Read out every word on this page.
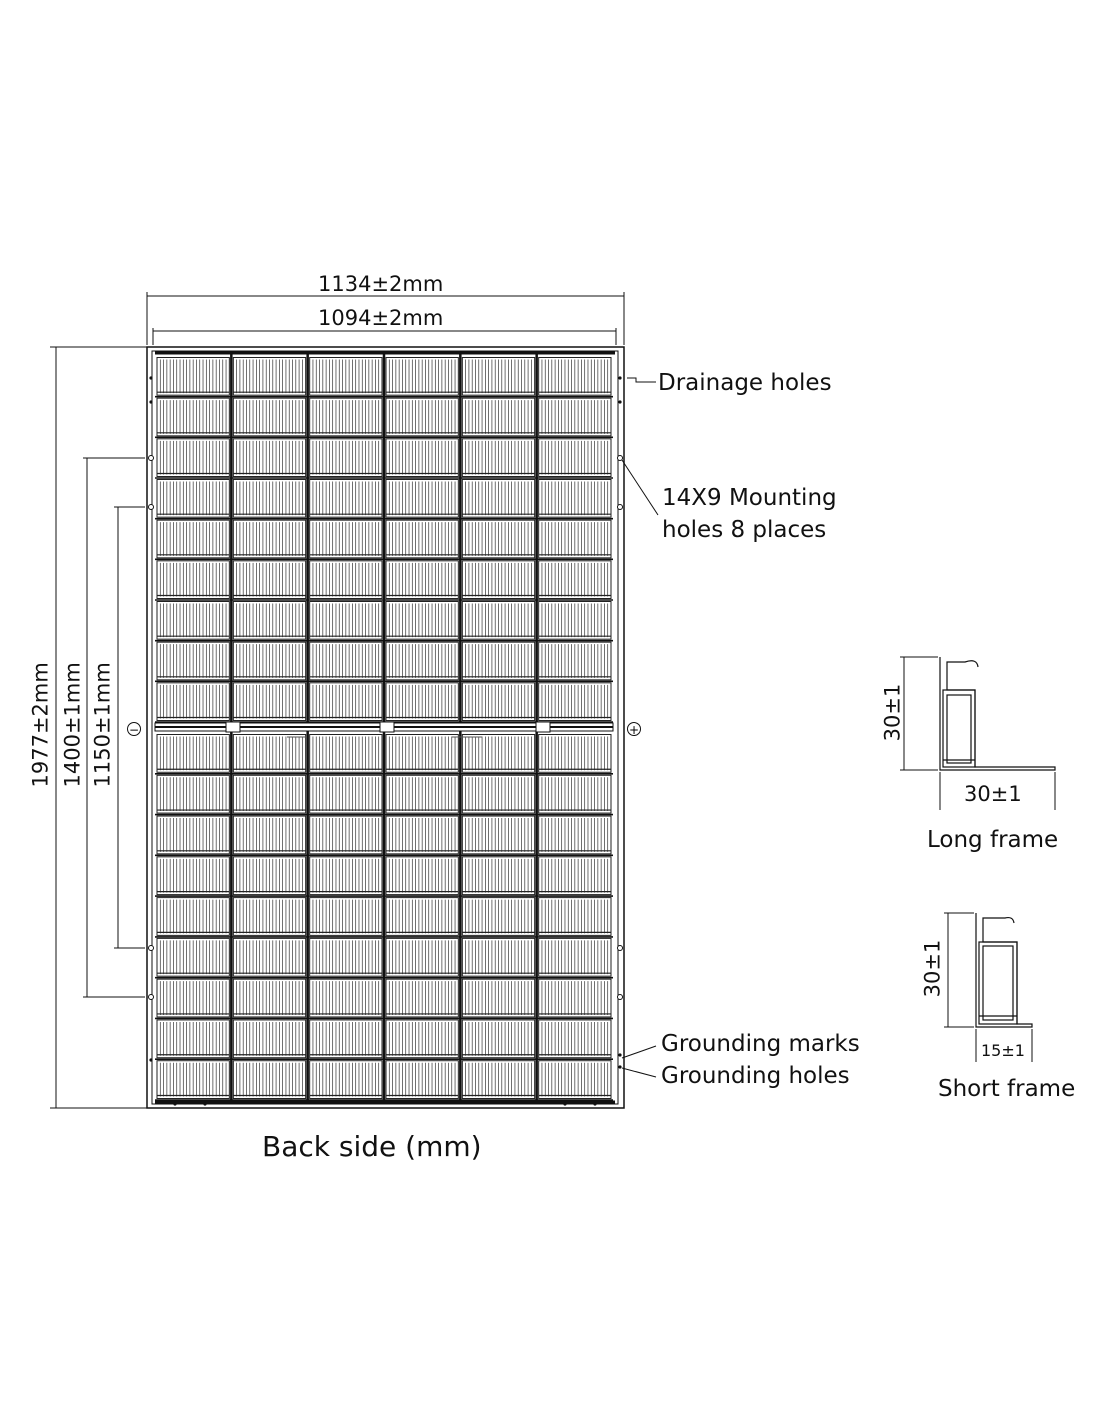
−	+
1134±2mm
1094±2mm
1977±2mm 1400±1mm 1150±1mm
Drainage holes
14X9 Mounting
holes 8 places
Grounding marks
Grounding holes
Back side (mm)
30±1
30±1
Long frame
30±1
15±1
Short frame
